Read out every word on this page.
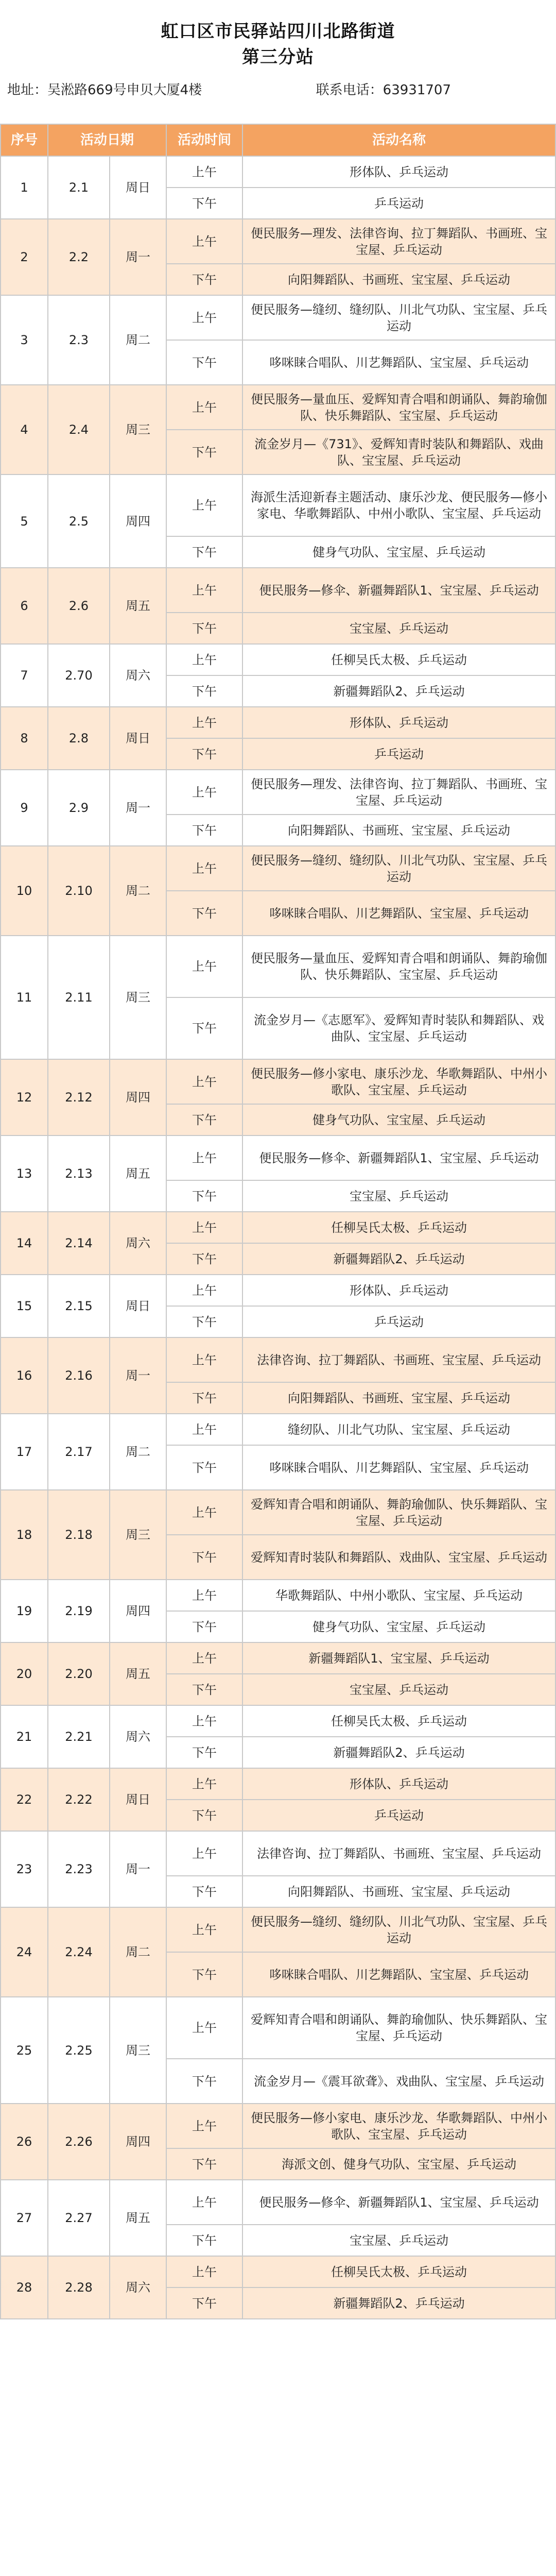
虹口区市民驿站四川北路街道
第三分站
地址：吴淞路669号申贝大厦4楼	联系电话：63931707
序号	活动日期		活动时间	活动名称
1	2.1	周日	上午	形体队、乒乓运动
			下午	乒乓运动
2	2.2	周一	上午	便民服务—理发、法律咨询、拉丁舞蹈队、书画班、宝宝屋、乒乓运动
			下午	向阳舞蹈队、书画班、宝宝屋、乒乓运动
3	2.3	周二	上午	便民服务—缝纫、缝纫队、川北气功队、宝宝屋、乒乓运动
			下午	哆咪睐合唱队、川艺舞蹈队、宝宝屋、乒乓运动
4	2.4	周三	上午	便民服务—量血压、爱辉知青合唱和朗诵队、舞韵瑜伽队、快乐舞蹈队、宝宝屋、乒乓运动
			下午	流金岁月—《731》、爱辉知青时装队和舞蹈队、戏曲队、宝宝屋、乒乓运动
5	2.5	周四	上午	海派生活迎新春主题活动、康乐沙龙、便民服务—修小家电、华歌舞蹈队、中州小歌队、宝宝屋、乒乓运动
			下午	健身气功队、宝宝屋、乒乓运动
6	2.6	周五	上午	便民服务—修伞、新疆舞蹈队1、宝宝屋、乒乓运动
			下午	宝宝屋、乒乓运动
7	2.70	周六	上午	任柳吴氏太极、乒乓运动
			下午	新疆舞蹈队2、乒乓运动
8	2.8	周日	上午	形体队、乒乓运动
			下午	乒乓运动
9	2.9	周一	上午	便民服务—理发、法律咨询、拉丁舞蹈队、书画班、宝宝屋、乒乓运动
			下午	向阳舞蹈队、书画班、宝宝屋、乒乓运动
10	2.10	周二	上午	便民服务—缝纫、缝纫队、川北气功队、宝宝屋、乒乓运动
			下午	哆咪睐合唱队、川艺舞蹈队、宝宝屋、乒乓运动
11	2.11	周三	上午	便民服务—量血压、爱辉知青合唱和朗诵队、舞韵瑜伽队、快乐舞蹈队、宝宝屋、乒乓运动
			下午	流金岁月—《志愿军》、爱辉知青时装队和舞蹈队、戏曲队、宝宝屋、乒乓运动
12	2.12	周四	上午	便民服务—修小家电、康乐沙龙、华歌舞蹈队、中州小歌队、宝宝屋、乒乓运动
			下午	健身气功队、宝宝屋、乒乓运动
13	2.13	周五	上午	便民服务—修伞、新疆舞蹈队1、宝宝屋、乒乓运动
			下午	宝宝屋、乒乓运动
14	2.14	周六	上午	任柳吴氏太极、乒乓运动
			下午	新疆舞蹈队2、乒乓运动
15	2.15	周日	上午	形体队、乒乓运动
			下午	乒乓运动
16	2.16	周一	上午	法律咨询、拉丁舞蹈队、书画班、宝宝屋、乒乓运动
			下午	向阳舞蹈队、书画班、宝宝屋、乒乓运动
17	2.17	周二	上午	缝纫队、川北气功队、宝宝屋、乒乓运动
			下午	哆咪睐合唱队、川艺舞蹈队、宝宝屋、乒乓运动
18	2.18	周三	上午	爱辉知青合唱和朗诵队、舞韵瑜伽队、快乐舞蹈队、宝宝屋、乒乓运动
			下午	爱辉知青时装队和舞蹈队、戏曲队、宝宝屋、乒乓运动
19	2.19	周四	上午	华歌舞蹈队、中州小歌队、宝宝屋、乒乓运动
			下午	健身气功队、宝宝屋、乒乓运动
20	2.20	周五	上午	新疆舞蹈队1、宝宝屋、乒乓运动
			下午	宝宝屋、乒乓运动
21	2.21	周六	上午	任柳吴氏太极、乒乓运动
			下午	新疆舞蹈队2、乒乓运动
22	2.22	周日	上午	形体队、乒乓运动
			下午	乒乓运动
23	2.23	周一	上午	法律咨询、拉丁舞蹈队、书画班、宝宝屋、乒乓运动
			下午	向阳舞蹈队、书画班、宝宝屋、乒乓运动
24	2.24	周二	上午	便民服务—缝纫、缝纫队、川北气功队、宝宝屋、乒乓运动
			下午	哆咪睐合唱队、川艺舞蹈队、宝宝屋、乒乓运动
25	2.25	周三	上午	爱辉知青合唱和朗诵队、舞韵瑜伽队、快乐舞蹈队、宝宝屋、乒乓运动
			下午	流金岁月—《震耳欲聋》、戏曲队、宝宝屋、乒乓运动
26	2.26	周四	上午	便民服务—修小家电、康乐沙龙、华歌舞蹈队、中州小歌队、宝宝屋、乒乓运动
			下午	海派文创、健身气功队、宝宝屋、乒乓运动
27	2.27	周五	上午	便民服务—修伞、新疆舞蹈队1、宝宝屋、乒乓运动
			下午	宝宝屋、乒乓运动
28	2.28	周六	上午	任柳吴氏太极、乒乓运动
			下午	新疆舞蹈队2、乒乓运动
